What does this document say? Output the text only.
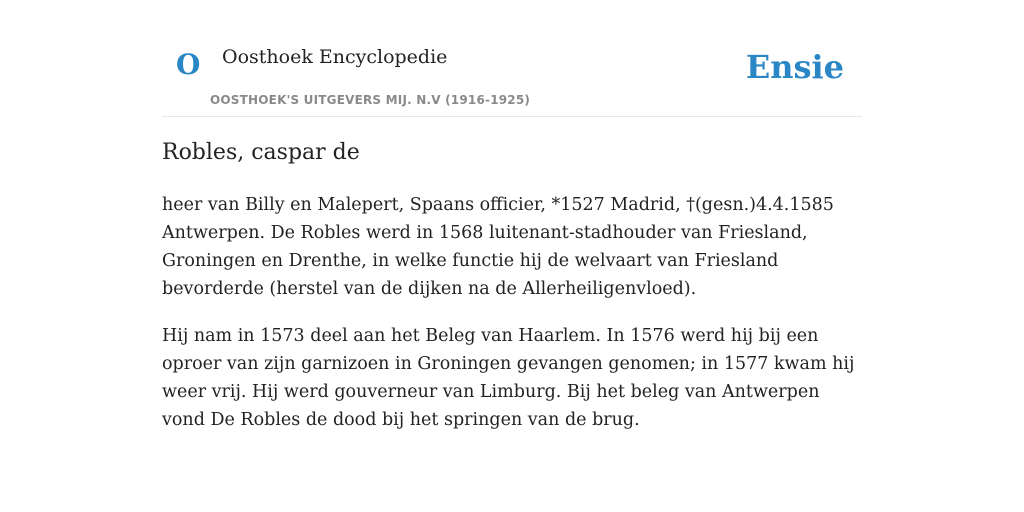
O Oosthoek Encyclopedie
OOSTHOEK'S UITGEVERS MIJ. N.V (1916-1925)
Ensie
Robles, caspar de

heer van Billy en Malepert, Spaans officier, *1527 Madrid, †(gesn.)4.4.1585 Antwerpen. De Robles werd in 1568 luitenant-stadhouder van Friesland, Groningen en Drenthe, in welke functie hij de welvaart van Friesland bevorderde (herstel van de dijken na de Allerheiligenvloed).

Hij nam in 1573 deel aan het Beleg van Haarlem. In 1576 werd hij bij een oproer van zijn garnizoen in Groningen gevangen genomen; in 1577 kwam hij weer vrij. Hij werd gouverneur van Limburg. Bij het beleg van Antwerpen vond De Robles de dood bij het springen van de brug.
